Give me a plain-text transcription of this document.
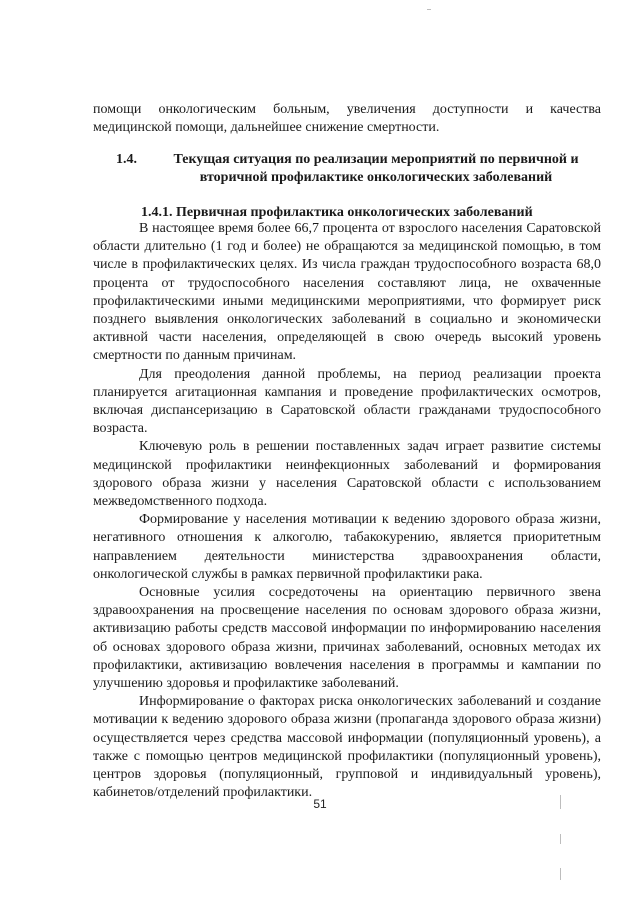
помощи онкологическим больным, увеличения доступности и качества медицинской помощи, дальнейшее снижение смертности.

1.4.	Текущая ситуация по реализации мероприятий по первичной и вторичной профилактике онкологических заболеваний
1.4.1. Первичная профилактика онкологических заболеваний

В настоящее время более 66,7 процента от взрослого населения Саратовской области длительно (1 год и более) не обращаются за медицинской помощью, в том числе в профилактических целях. Из числа граждан трудоспособного возраста 68,0 процента от трудоспособного населения составляют лица, не охваченные профилактическими иными медицинскими мероприятиями, что формирует риск позднего выявления онкологических заболеваний в социально и экономически активной части населения, определяющей в свою очередь высокий уровень смертности по данным причинам.

Для преодоления данной проблемы, на период реализации проекта планируется агитационная кампания и проведение профилактических осмотров, включая диспансеризацию в Саратовской области гражданами трудоспособного возраста.

Ключевую роль в решении поставленных задач играет развитие системы медицинской профилактики неинфекционных заболеваний и формирования здорового образа жизни у населения Саратовской области с использованием межведомственного подхода.

Формирование у населения мотивации к ведению здорового образа жизни, негативного отношения к алкоголю, табакокурению, является приоритетным направлением деятельности министерства здравоохранения области, онкологической службы в рамках первичной профилактики рака.

Основные усилия сосредоточены на ориентацию первичного звена здравоохранения на просвещение населения по основам здорового образа жизни, активизацию работы средств массовой информации по информированию населения об основах здорового образа жизни, причинах заболеваний, основных методах их профилактики, активизацию вовлечения населения в программы и кампании по улучшению здоровья и профилактике заболеваний.

Информирование о факторах риска онкологических заболеваний и создание мотивации к ведению здорового образа жизни (пропаганда здорового образа жизни) осуществляется через средства массовой информации (популяционный уровень), а также с помощью центров медицинской профилактики (популяционный уровень), центров здоровья (популяционный, групповой и индивидуальный уровень), кабинетов/отделений профилактики.

51
